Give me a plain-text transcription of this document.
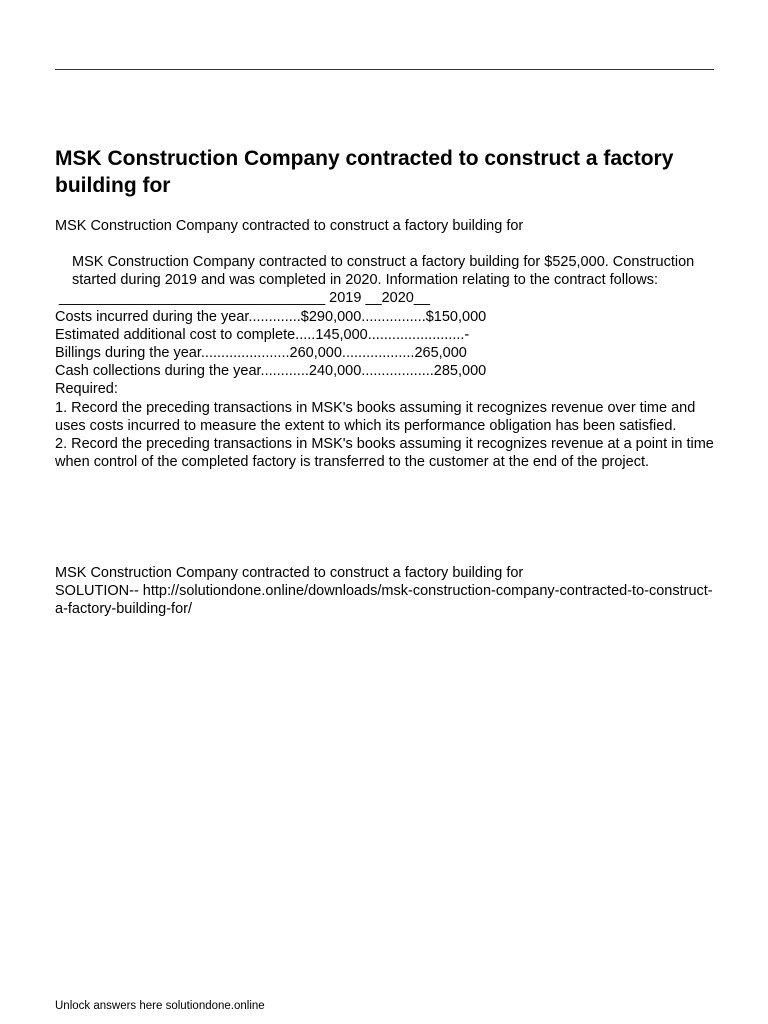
MSK Construction Company contracted to construct a factory building for
MSK Construction Company contracted to construct a factory building for

MSK Construction Company contracted to construct a factory building for $525,000. Construction started during 2019 and was completed in 2020. Information relating to the contract follows:

_________________________________ 2019 __2020__

Costs incurred during the year.............$290,000................$150,000

Estimated additional cost to complete.....145,000........................-

Billings during the year......................260,000..................265,000

Cash collections during the year............240,000..................285,000

Required:

1. Record the preceding transactions in MSK's books assuming it recognizes revenue over time and uses costs incurred to measure the extent to which its performance obligation has been satisfied.

2. Record the preceding transactions in MSK's books assuming it recognizes revenue at a point in time when control of the completed factory is transferred to the customer at the end of the project.

MSK Construction Company contracted to construct a factory building for

SOLUTION-- http://solutiondone.online/downloads/msk-construction-company-contracted-to-construct-a-factory-building-for/

Unlock answers here solutiondone.online
